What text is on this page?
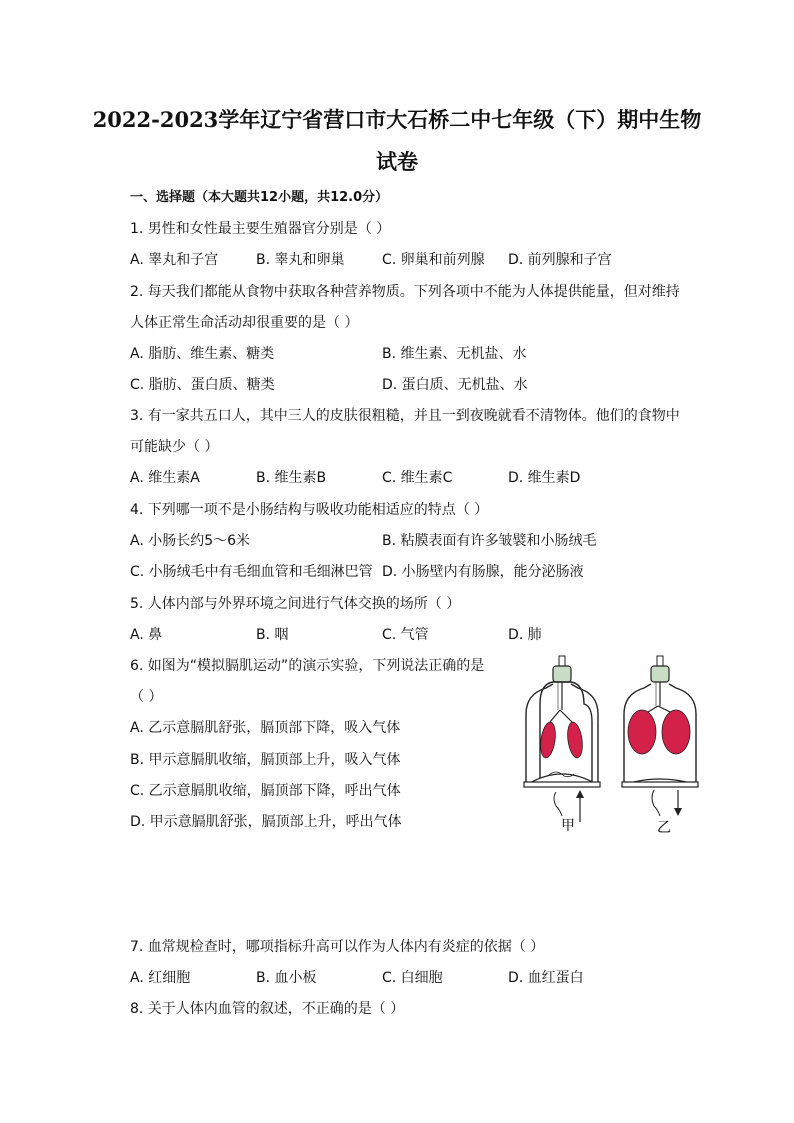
2022-2023学年辽宁省营口市大石桥二中七年级（下）期中生物
试卷
一、选择题（本大题共12小题，共12.0分）
1. 男性和女性最主要生殖器官分别是（ ）
A. 睾丸和子宫	B. 睾丸和卵巢	C. 卵巢和前列腺 D. 前列腺和子宫
2. 每天我们都能从食物中获取各种营养物质。下列各项中不能为人体提供能量，但对维持
人体正常生命活动却很重要的是（ ）
A. 脂肪、维生素、糖类	B. 维生素、无机盐、水
C. 脂肪、蛋白质、糖类	D. 蛋白质、无机盐、水
3. 有一家共五口人，其中三人的皮肤很粗糙，并且一到夜晚就看不清物体。他们的食物中
可能缺少（ ）
A. 维生素A	B. 维生素B	C. 维生素C	D. 维生素D
4. 下列哪一项不是小肠结构与吸收功能相适应的特点（ ）
A. 小肠长约5～6米	B. 粘膜表面有许多皱襞和小肠绒毛
C. 小肠绒毛中有毛细血管和毛细淋巴管 D. 小肠壁内有肠腺，能分泌肠液
5. 人体内部与外界环境之间进行气体交换的场所（ ）
A. 鼻	B. 咽	C. 气管	D. 肺
6. 如图为“模拟膈肌运动”的演示实验，下列说法正确的是
（ ）
A. 乙示意膈肌舒张，膈顶部下降，吸入气体
B. 甲示意膈肌收缩，膈顶部上升，吸入气体
C. 乙示意膈肌收缩，膈顶部下降，呼出气体
D. 甲示意膈肌舒张，膈顶部上升，呼出气体	甲	乙
7. 血常规检查时，哪项指标升高可以作为人体内有炎症的依据（ ）
A. 红细胞	B. 血小板	C. 白细胞	D. 血红蛋白
8. 关于人体内血管的叙述，不正确的是（ ）
